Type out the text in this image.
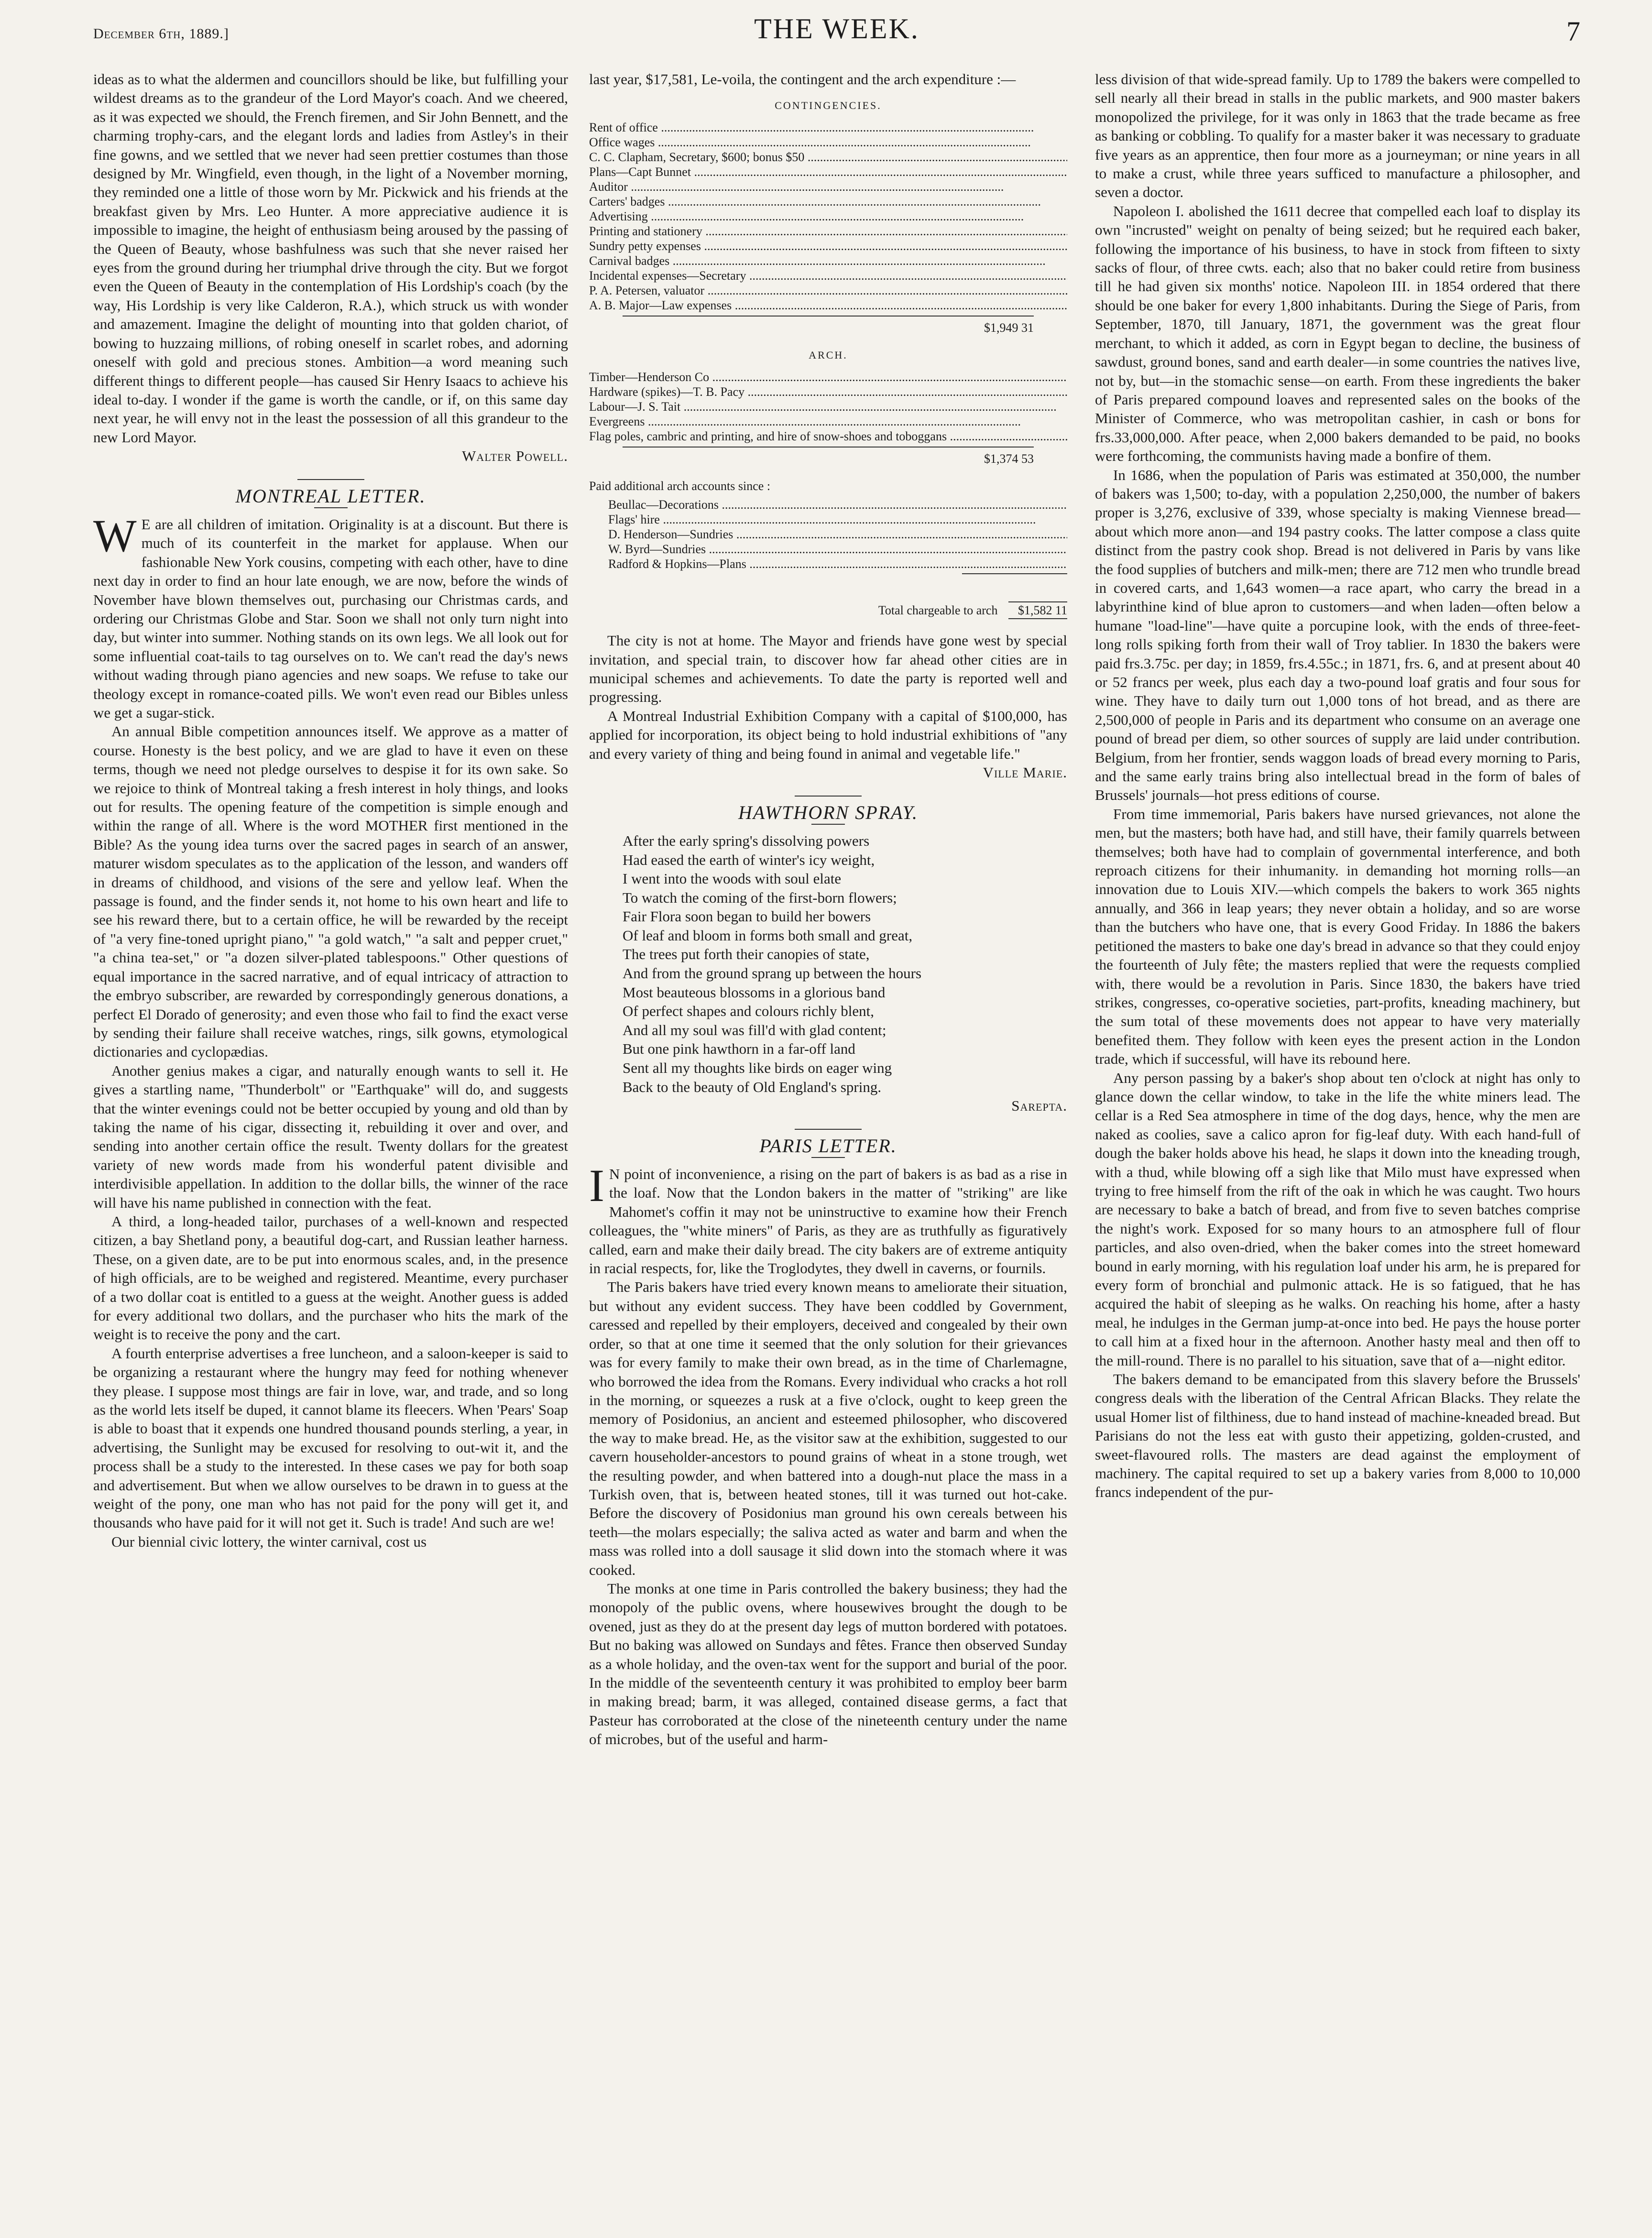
December 6th, 1889.]	THE WEEK.	7

ideas as to what the aldermen and councillors should be like, but fulfilling your wildest dreams as to the grandeur of the Lord Mayor's coach. And we cheered, as it was expected we should, the French firemen, and Sir John Bennett, and the charming trophy-cars, and the elegant lords and ladies from Astley's in their fine gowns, and we settled that we never had seen prettier costumes than those designed by Mr. Wingfield, even though, in the light of a November morning, they reminded one a little of those worn by Mr. Pickwick and his friends at the breakfast given by Mrs. Leo Hunter. A more appreciative audience it is impossible to imagine, the height of enthusiasm being aroused by the passing of the Queen of Beauty, whose bashfulness was such that she never raised her eyes from the ground during her triumphal drive through the city. But we forgot even the Queen of Beauty in the contemplation of His Lordship's coach (by the way, His Lordship is very like Calderon, R.A.), which struck us with wonder and amazement. Imagine the delight of mounting into that golden chariot, of bowing to huzzaing millions, of robing oneself in scarlet robes, and adorning oneself with gold and precious stones. Ambition—a word meaning such different things to different people—has caused Sir Henry Isaacs to achieve his ideal to-day. I wonder if the game is worth the candle, or if, on this same day next year, he will envy not in the least the possession of all this grandeur to the new Lord Mayor.

Walter Powell.
MONTREAL LETTER.

W E are all children of imitation. Originality is at a discount. But there is much of its counterfeit in the market for applause. When our fashionable New York cousins, competing with each other, have to dine next day in order to find an hour late enough, we are now, before the winds of November have blown themselves out, purchasing our Christmas cards, and ordering our Christmas Globe and Star. Soon we shall not only turn night into day, but winter into summer. Nothing stands on its own legs. We all look out for some influential coat-tails to tag ourselves on to. We can't read the day's news without wading through piano agencies and new soaps. We refuse to take our theology except in romance-coated pills. We won't even read our Bibles unless we get a sugar-stick.

An annual Bible competition announces itself. We approve as a matter of course. Honesty is the best policy, and we are glad to have it even on these terms, though we need not pledge ourselves to despise it for its own sake. So we rejoice to think of Montreal taking a fresh interest in holy things, and looks out for results. The opening feature of the competition is simple enough and within the range of all. Where is the word MOTHER first mentioned in the Bible? As the young idea turns over the sacred pages in search of an answer, maturer wisdom speculates as to the application of the lesson, and wanders off in dreams of childhood, and visions of the sere and yellow leaf. When the passage is found, and the finder sends it, not home to his own heart and life to see his reward there, but to a certain office, he will be rewarded by the receipt of "a very fine-toned upright piano," "a gold watch," "a salt and pepper cruet," "a china tea-set," or "a dozen silver-plated tablespoons." Other questions of equal importance in the sacred narrative, and of equal intricacy of attraction to the embryo subscriber, are rewarded by correspondingly generous donations, a perfect El Dorado of generosity; and even those who fail to find the exact verse by sending their failure shall receive watches, rings, silk gowns, etymological dictionaries and cyclopædias.

Another genius makes a cigar, and naturally enough wants to sell it. He gives a startling name, "Thunderbolt" or "Earthquake" will do, and suggests that the winter evenings could not be better occupied by young and old than by taking the name of his cigar, dissecting it, rebuilding it over and over, and sending into another certain office the result. Twenty dollars for the greatest variety of new words made from his wonderful patent divisible and interdivisible appellation. In addition to the dollar bills, the winner of the race will have his name published in connection with the feat.

A third, a long-headed tailor, purchases of a well-known and respected citizen, a bay Shetland pony, a beautiful dog-cart, and Russian leather harness. These, on a given date, are to be put into enormous scales, and, in the presence of high officials, are to be weighed and registered. Meantime, every purchaser of a two dollar coat is entitled to a guess at the weight. Another guess is added for every additional two dollars, and the purchaser who hits the mark of the weight is to receive the pony and the cart.

A fourth enterprise advertises a free luncheon, and a saloon-keeper is said to be organizing a restaurant where the hungry may feed for nothing whenever they please. I suppose most things are fair in love, war, and trade, and so long as the world lets itself be duped, it cannot blame its fleecers. When 'Pears' Soap is able to boast that it expends one hundred thousand pounds sterling, a year, in advertising, the Sunlight may be excused for resolving to out-wit it, and the process shall be a study to the interested. In these cases we pay for both soap and advertisement. But when we allow ourselves to be drawn in to guess at the weight of the pony, one man who has not paid for the pony will get it, and thousands who have paid for it will not get it. Such is trade! And such are we!

Our biennial civic lottery, the winter carnival, cost us

last year, $17,581, Le-voila, the contingent and the arch expenditure :—

CONTINGENCIES.
Rent of office .....	
Office wages .....	
C. C. Clapham, Secretary, $600; bonus $50 .....	
Plans—Capt Bunnet .....	
Auditor .....	
Carters' badges .....	
Advertising .....	
Printing and stationery .....	
Sundry petty expenses .....	
Carnival badges .....	
Incidental expenses—Secretary .....	
P. A. Petersen, valuator .....	
A. B. Major—Law expenses .....	
$1,949 31
ARCH.
Timber—Henderson Co .....	
Hardware (spikes)—T. B. Pacy .....	
Labour—J. S. Tait .....	
Evergreens .....	
Flag poles, cambric and printing, and hire of snow-shoes and toboggans .....	
$1,374 53

Paid additional arch accounts since :

Beullac—Decorations .....	
Flags' hire .....	
D. Henderson—Sundries .....	
W. Byrd—Sundries .....	
Radford & Hopkins—Plans .....	
Total chargeable to arch $1,582 11

The city is not at home. The Mayor and friends have gone west by special invitation, and special train, to discover how far ahead other cities are in municipal schemes and achievements. To date the party is reported well and progressing.

A Montreal Industrial Exhibition Company with a capital of $100,000, has applied for incorporation, its object being to hold industrial exhibitions of "any and every variety of thing and being found in animal and vegetable life."

Ville Marie.
HAWTHORN SPRAY.
After the early spring's dissolving powers
Had eased the earth of winter's icy weight,
I went into the woods with soul elate
To watch the coming of the first-born flowers;
Fair Flora soon began to build her bowers
Of leaf and bloom in forms both small and great,
The trees put forth their canopies of state,
And from the ground sprang up between the hours
Most beauteous blossoms in a glorious band
Of perfect shapes and colours richly blent,
And all my soul was fill'd with glad content;
But one pink hawthorn in a far-off land
Sent all my thoughts like birds on eager wing
Back to the beauty of Old England's spring.
Sarepta.
PARIS LETTER.

I N point of inconvenience, a rising on the part of bakers is as bad as a rise in the loaf. Now that the London bakers in the matter of "striking" are like Mahomet's coffin it may not be uninstructive to examine how their French colleagues, the "white miners" of Paris, as they are as truthfully as figuratively called, earn and make their daily bread. The city bakers are of extreme antiquity in racial respects, for, like the Troglodytes, they dwell in caverns, or fournils.

The Paris bakers have tried every known means to ameliorate their situation, but without any evident success. They have been coddled by Government, caressed and repelled by their employers, deceived and congealed by their own order, so that at one time it seemed that the only solution for their grievances was for every family to make their own bread, as in the time of Charlemagne, who borrowed the idea from the Romans. Every individual who cracks a hot roll in the morning, or squeezes a rusk at a five o'clock, ought to keep green the memory of Posidonius, an ancient and esteemed philosopher, who discovered the way to make bread. He, as the visitor saw at the exhibition, suggested to our cavern householder-ancestors to pound grains of wheat in a stone trough, wet the resulting powder, and when battered into a dough-nut place the mass in a Turkish oven, that is, between heated stones, till it was turned out hot-cake. Before the discovery of Posidonius man ground his own cereals between his teeth—the molars especially; the saliva acted as water and barm and when the mass was rolled into a doll sausage it slid down into the stomach where it was cooked.

The monks at one time in Paris controlled the bakery business; they had the monopoly of the public ovens, where housewives brought the dough to be ovened, just as they do at the present day legs of mutton bordered with potatoes. But no baking was allowed on Sundays and fêtes. France then observed Sunday as a whole holiday, and the oven-tax went for the support and burial of the poor. In the middle of the seventeenth century it was prohibited to employ beer barm in making bread; barm, it was alleged, contained disease germs, a fact that Pasteur has corroborated at the close of the nineteenth century under the name of microbes, but of the useful and harm-

less division of that wide-spread family. Up to 1789 the bakers were compelled to sell nearly all their bread in stalls in the public markets, and 900 master bakers monopolized the privilege, for it was only in 1863 that the trade became as free as banking or cobbling. To qualify for a master baker it was necessary to graduate five years as an apprentice, then four more as a journeyman; or nine years in all to make a crust, while three years sufficed to manufacture a philosopher, and seven a doctor.

Napoleon I. abolished the 1611 decree that compelled each loaf to display its own "incrusted" weight on penalty of being seized; but he required each baker, following the importance of his business, to have in stock from fifteen to sixty sacks of flour, of three cwts. each; also that no baker could retire from business till he had given six months' notice. Napoleon III. in 1854 ordered that there should be one baker for every 1,800 inhabitants. During the Siege of Paris, from September, 1870, till January, 1871, the government was the great flour merchant, to which it added, as corn in Egypt began to decline, the business of sawdust, ground bones, sand and earth dealer—in some countries the natives live, not by, but—in the stomachic sense—on earth. From these ingredients the baker of Paris prepared compound loaves and represented sales on the books of the Minister of Commerce, who was metropolitan cashier, in cash or bons for frs.33,000,000. After peace, when 2,000 bakers demanded to be paid, no books were forthcoming, the communists having made a bonfire of them.

In 1686, when the population of Paris was estimated at 350,000, the number of bakers was 1,500; to-day, with a population 2,250,000, the number of bakers proper is 3,276, exclusive of 339, whose specialty is making Viennese bread—about which more anon—and 194 pastry cooks. The latter compose a class quite distinct from the pastry cook shop. Bread is not delivered in Paris by vans like the food supplies of butchers and milk-men; there are 712 men who trundle bread in covered carts, and 1,643 women—a race apart, who carry the bread in a labyrinthine kind of blue apron to customers—and when laden—often below a humane "load-line"—have quite a porcupine look, with the ends of three-feet-long rolls spiking forth from their wall of Troy tablier. In 1830 the bakers were paid frs.3.75c. per day; in 1859, frs.4.55c.; in 1871, frs. 6, and at present about 40 or 52 francs per week, plus each day a two-pound loaf gratis and four sous for wine. They have to daily turn out 1,000 tons of hot bread, and as there are 2,500,000 of people in Paris and its department who consume on an average one pound of bread per diem, so other sources of supply are laid under contribution. Belgium, from her frontier, sends waggon loads of bread every morning to Paris, and the same early trains bring also intellectual bread in the form of bales of Brussels' journals—hot press editions of course.

From time immemorial, Paris bakers have nursed grievances, not alone the men, but the masters; both have had, and still have, their family quarrels between themselves; both have had to complain of governmental interference, and both reproach citizens for their inhumanity. in demanding hot morning rolls—an innovation due to Louis XIV.—which compels the bakers to work 365 nights annually, and 366 in leap years; they never obtain a holiday, and so are worse than the butchers who have one, that is every Good Friday. In 1886 the bakers petitioned the masters to bake one day's bread in advance so that they could enjoy the fourteenth of July fête; the masters replied that were the requests complied with, there would be a revolution in Paris. Since 1830, the bakers have tried strikes, congresses, co-operative societies, part-profits, kneading machinery, but the sum total of these movements does not appear to have very materially benefited them. They follow with keen eyes the present action in the London trade, which if successful, will have its rebound here.

Any person passing by a baker's shop about ten o'clock at night has only to glance down the cellar window, to take in the life the white miners lead. The cellar is a Red Sea atmosphere in time of the dog days, hence, why the men are naked as coolies, save a calico apron for fig-leaf duty. With each hand-full of dough the baker holds above his head, he slaps it down into the kneading trough, with a thud, while blowing off a sigh like that Milo must have expressed when trying to free himself from the rift of the oak in which he was caught. Two hours are necessary to bake a batch of bread, and from five to seven batches comprise the night's work. Exposed for so many hours to an atmosphere full of flour particles, and also oven-dried, when the baker comes into the street homeward bound in early morning, with his regulation loaf under his arm, he is prepared for every form of bronchial and pulmonic attack. He is so fatigued, that he has acquired the habit of sleeping as he walks. On reaching his home, after a hasty meal, he indulges in the German jump-at-once into bed. He pays the house porter to call him at a fixed hour in the afternoon. Another hasty meal and then off to the mill-round. There is no parallel to his situation, save that of a—night editor.

The bakers demand to be emancipated from this slavery before the Brussels' congress deals with the liberation of the Central African Blacks. They relate the usual Homer list of filthiness, due to hand instead of machine-kneaded bread. But Parisians do not the less eat with gusto their appetizing, golden-crusted, and sweet-flavoured rolls. The masters are dead against the employment of machinery. The capital required to set up a bakery varies from 8,000 to 10,000 francs independent of the pur-
